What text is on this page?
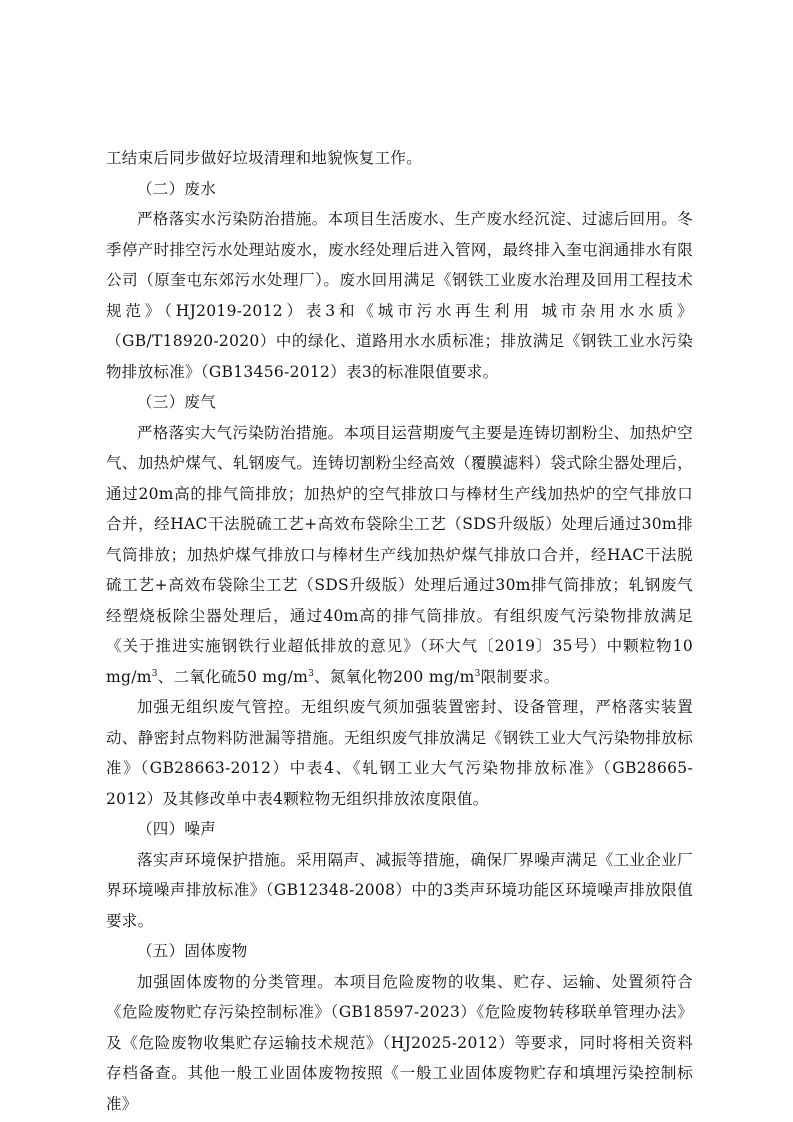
工结束后同步做好垃圾清理和地貌恢复工作。

（二）废水

严格落实水污染防治措施。本项目生活废水、生产废水经沉淀、过滤后回用。冬季停产时排空污水处理站废水，废水经处理后进入管网，最终排入奎屯润通排水有限公司（原奎屯东郊污水处理厂）。废水回用满足《钢铁工业废水治理及回用工程技术规范》（HJ2019-2012）表3和《城市污水再生利用 城市杂用水水质》（GB/T18920-2020）中的绿化、道路用水水质标准；排放满足《钢铁工业水污染物排放标准》（GB13456-2012）表3的标准限值要求。

（三）废气

严格落实大气污染防治措施。本项目运营期废气主要是连铸切割粉尘、加热炉空气、加热炉煤气、轧钢废气。连铸切割粉尘经高效（覆膜滤料）袋式除尘器处理后，通过20m高的排气筒排放；加热炉的空气排放口与棒材生产线加热炉的空气排放口合并，经HAC干法脱硫工艺+高效布袋除尘工艺（SDS升级版）处理后通过30m排气筒排放；加热炉煤气排放口与棒材生产线加热炉煤气排放口合并，经HAC干法脱硫工艺+高效布袋除尘工艺（SDS升级版）处理后通过30m排气筒排放；轧钢废气经塑烧板除尘器处理后，通过40m高的排气筒排放。有组织废气污染物排放满足《关于推进实施钢铁行业超低排放的意见》（环大气〔2019〕35号）中颗粒物10 $mg/m^3$、二氧化硫50 $mg/m^3$、氮氧化物200 $mg/m^3$限制要求。

加强无组织废气管控。无组织废气须加强装置密封、设备管理，严格落实装置动、静密封点物料防泄漏等措施。无组织废气排放满足《钢铁工业大气污染物排放标准》（GB28663-2012）中表4、《轧钢工业大气污染物排放标准》（GB28665-2012）及其修改单中表4颗粒物无组织排放浓度限值。

（四）噪声

落实声环境保护措施。采用隔声、减振等措施，确保厂界噪声满足《工业企业厂界环境噪声排放标准》（GB12348-2008）中的3类声环境功能区环境噪声排放限值要求。

（五）固体废物

加强固体废物的分类管理。本项目危险废物的收集、贮存、运输、处置须符合《危险废物贮存污染控制标准》（GB18597-2023）《危险废物转移联单管理办法》及《危险废物收集贮存运输技术规范》（HJ2025-2012）等要求，同时将相关资料存档备查。其他一般工业固体废物按照《一般工业固体废物贮存和填埋污染控制标准》
